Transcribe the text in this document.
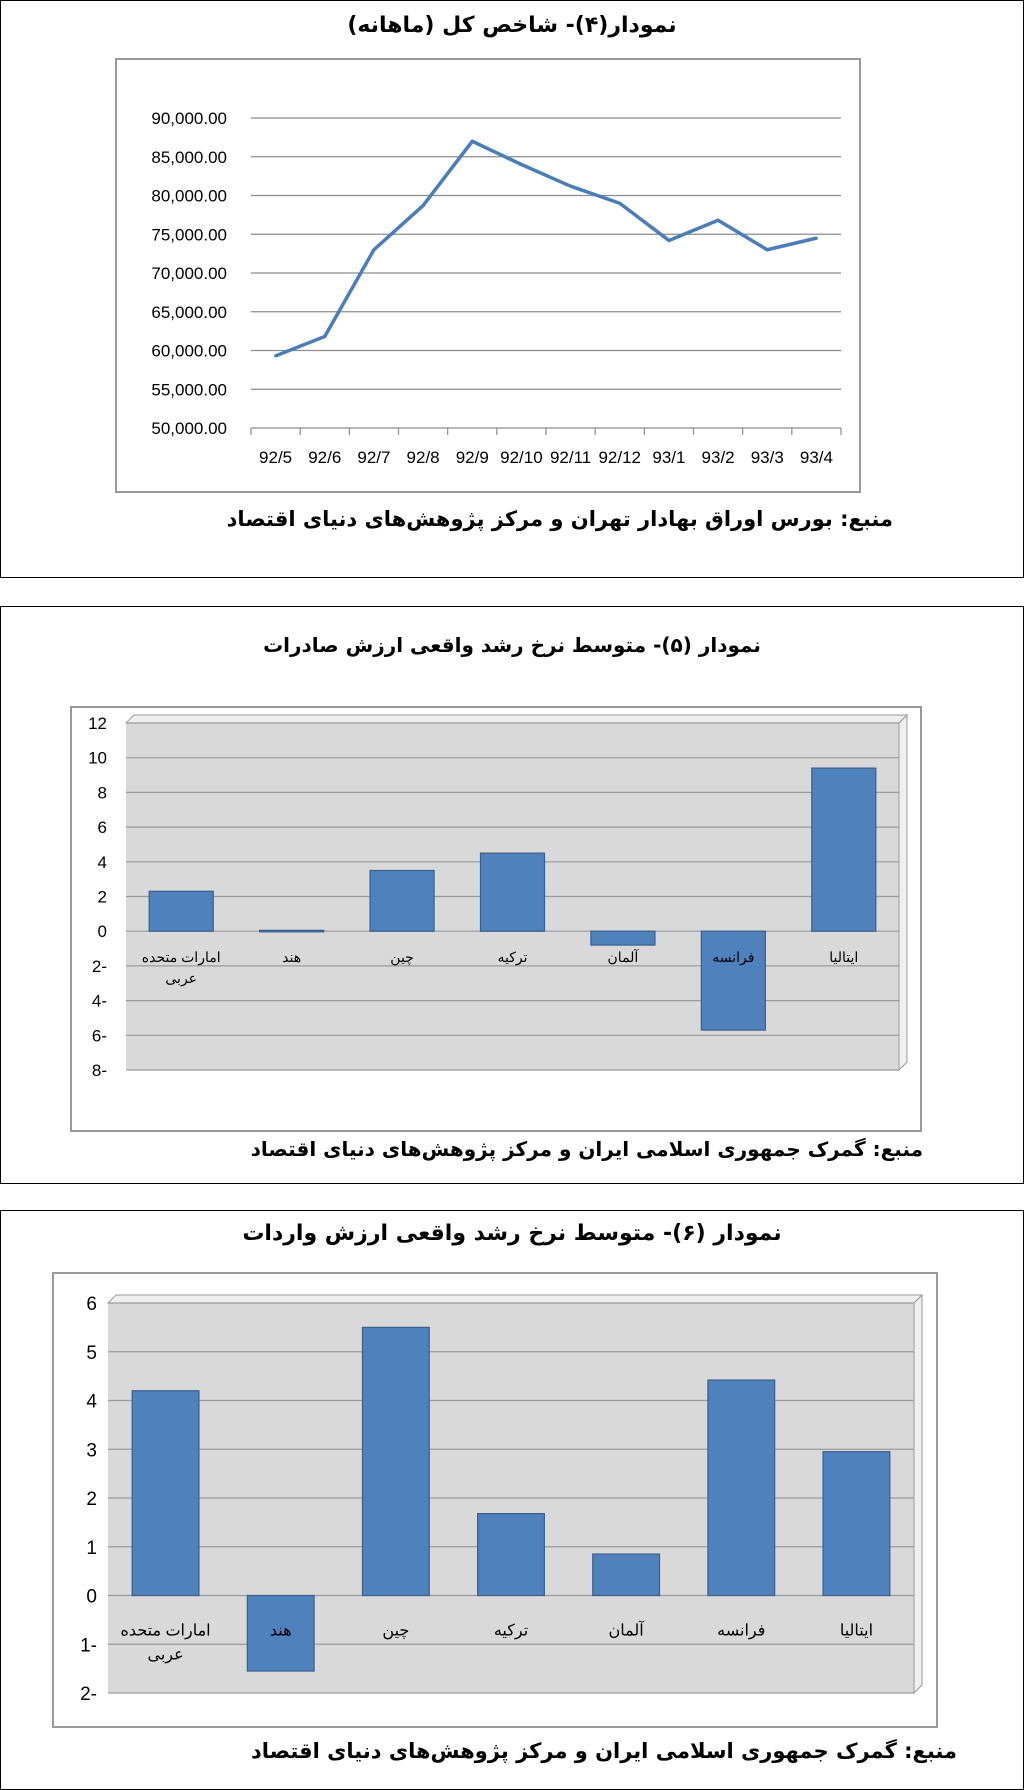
نمودار(۴)- شاخص کل (ماهانه)
50,000.00
55,000.00
60,000.00
65,000.00
70,000.00
75,000.00
80,000.00
85,000.00
90,000.00
92/5 92/6 92/7 92/8 92/9 92/10 92/11 92/12 93/1 93/2 93/3 93/4
منبع: بورس اوراق بهادار تهران و مرکز پژوهش‌های دنیای اقتصاد
نمودار (۵)- متوسط نرخ رشد واقعی ارزش صادرات
8-
6-
4-
2-
0
2
4
6
8
10
12
امارات متحده عربی
هند	چین	ترکیه	آلمان	فرانسه	ایتالیا
منبع: گمرک جمهوری اسلامی ایران و مرکز پژوهش‌های دنیای اقتصاد
نمودار (۶)- متوسط نرخ رشد واقعی ارزش واردات
2-
1-
0
1
2
3
4
5
6
امارات متحده عربی
هند	چین	ترکیه	آلمان	فرانسه	ایتالیا
منبع: گمرک جمهوری اسلامی ایران و مرکز پژوهش‌های دنیای اقتصاد
